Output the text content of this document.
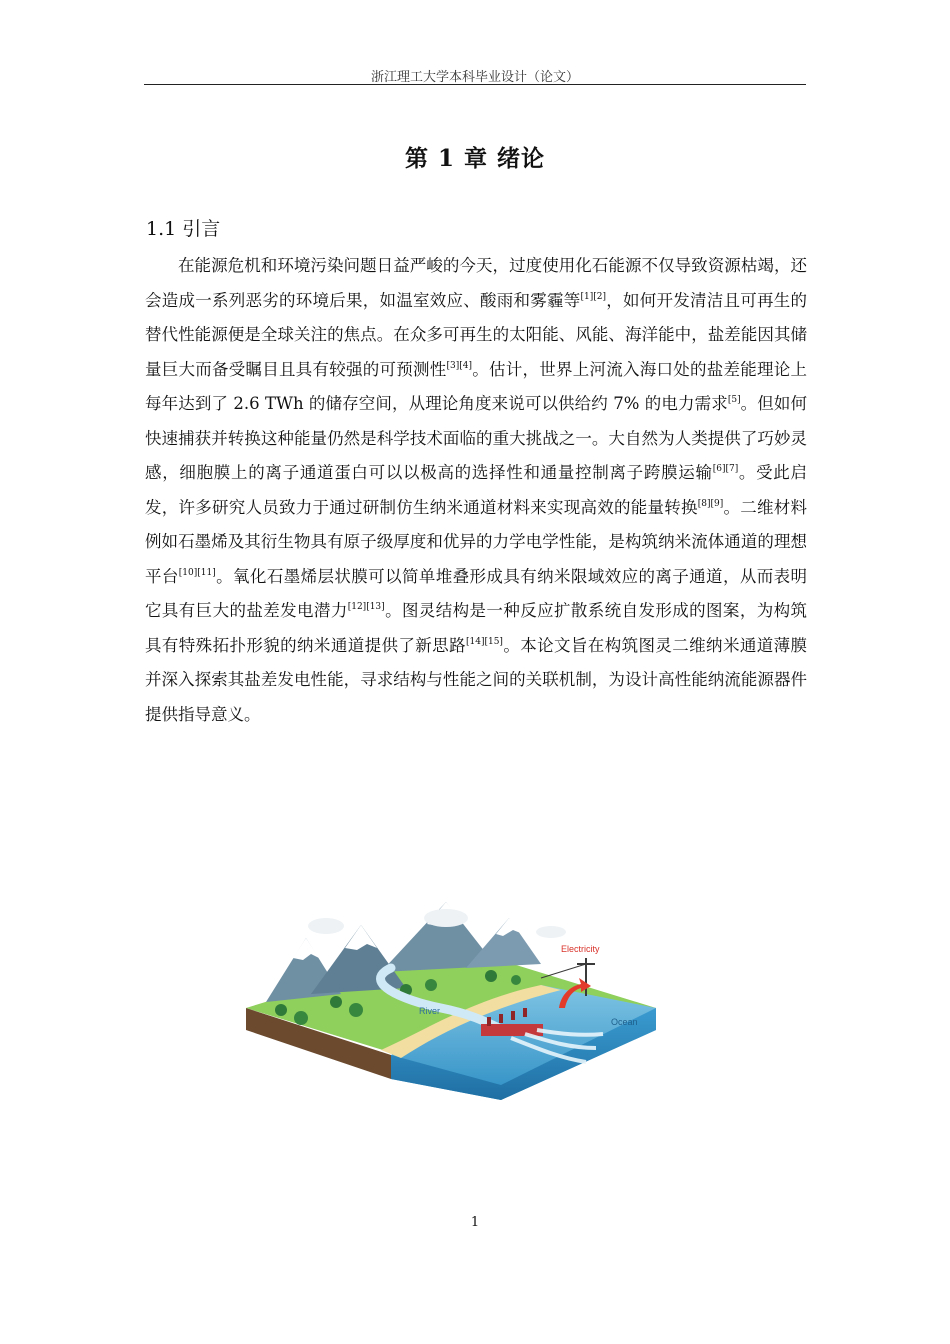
浙江理工大学本科毕业设计（论文）
第 1 章 绪论
1.1 引言

在能源危机和环境污染问题日益严峻的今天，过度使用化石能源不仅导致资源枯竭，还会造成一系列恶劣的环境后果，如温室效应、酸雨和雾霾等[1][2]，如何开发清洁且可再生的替代性能源便是全球关注的焦点。在众多可再生的太阳能、风能、海洋能中，盐差能因其储量巨大而备受瞩目且具有较强的可预测性[3][4]。估计，世界上河流入海口处的盐差能理论上每年达到了 2.6 TWh 的储存空间，从理论角度来说可以供给约 7% 的电力需求[5]。但如何快速捕获并转换这种能量仍然是科学技术面临的重大挑战之一。大自然为人类提供了巧妙灵感，细胞膜上的离子通道蛋白可以以极高的选择性和通量控制离子跨膜运输[6][7]。受此启发，许多研究人员致力于通过研制仿生纳米通道材料来实现高效的能量转换[8][9]。二维材料例如石墨烯及其衍生物具有原子级厚度和优异的力学电学性能，是构筑纳米流体通道的理想平台[10][11]。氧化石墨烯层状膜可以简单堆叠形成具有纳米限域效应的离子通道，从而表明它具有巨大的盐差发电潜力[12][13]。图灵结构是一种反应扩散系统自发形成的图案，为构筑具有特殊拓扑形貌的纳米通道提供了新思路[14][15]。本论文旨在构筑图灵二维纳米通道薄膜并深入探索其盐差发电性能，寻求结构与性能之间的关联机制，为设计高性能纳流能源器件提供指导意义。

River
Electricity
Ocean
1
